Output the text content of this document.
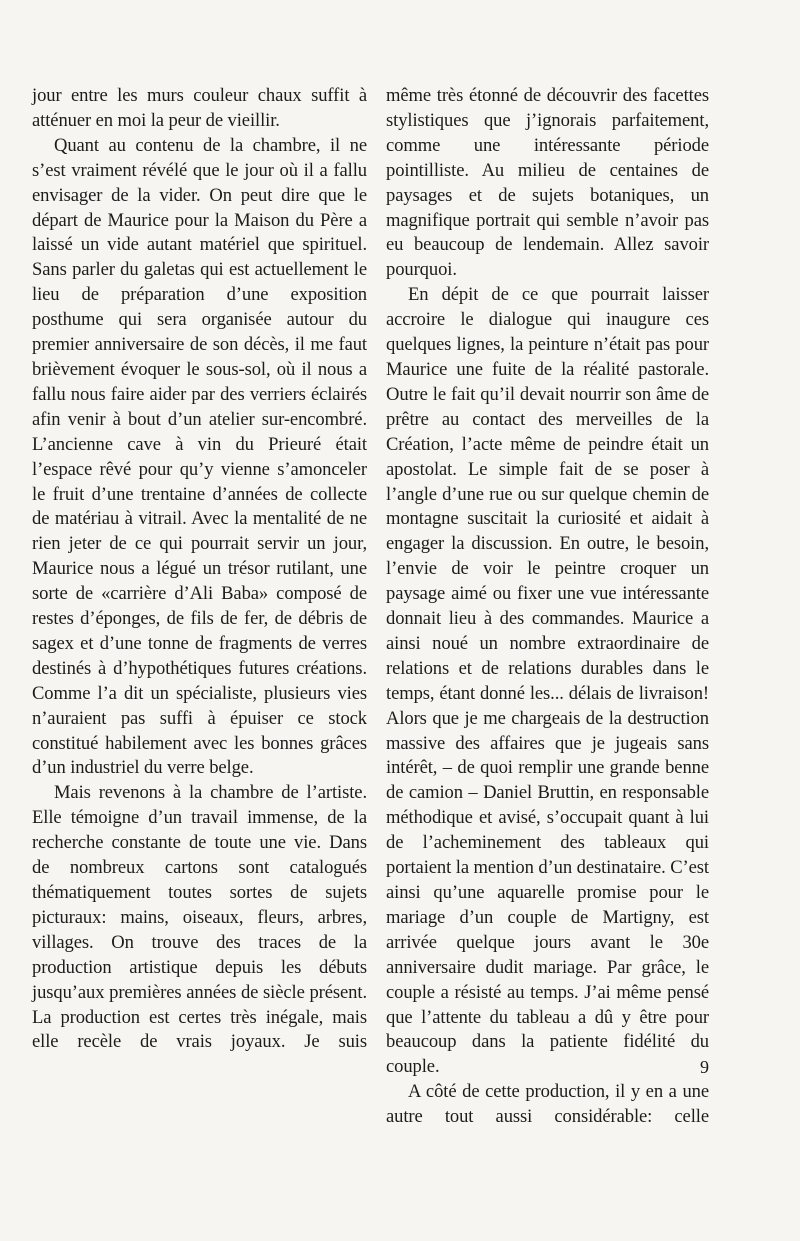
jour entre les murs couleur chaux suffit à atténuer en moi la peur de vieillir.

Quant au contenu de la chambre, il ne s’est vraiment révélé que le jour où il a fallu envisager de la vider. On peut dire que le départ de Maurice pour la Maison du Père a laissé un vide autant matériel que spirituel. Sans parler du galetas qui est actuellement le lieu de préparation d’une exposition posthume qui sera organisée autour du premier anniversaire de son décès, il me faut brièvement évoquer le sous-sol, où il nous a fallu nous faire aider par des verriers éclairés afin venir à bout d’un atelier sur-encombré. L’ancienne cave à vin du Prieuré était l’espace rêvé pour qu’y vienne s’amonceler le fruit d’une trentaine d’années de collecte de matériau à vitrail. Avec la mentalité de ne rien jeter de ce qui pourrait servir un jour, Maurice nous a légué un trésor rutilant, une sorte de «carrière d’Ali Baba» composé de restes d’éponges, de fils de fer, de débris de sagex et d’une tonne de fragments de verres destinés à d’hypothétiques futures créations. Comme l’a dit un spécialiste, plusieurs vies n’auraient pas suffi à épuiser ce stock constitué habilement avec les bonnes grâces d’un industriel du verre belge.

Mais revenons à la chambre de l’artiste. Elle témoigne d’un travail immense, de la recherche constante de toute une vie. Dans de nombreux cartons sont catalogués thématiquement toutes sortes de sujets picturaux: mains, oiseaux, fleurs, arbres, villages. On trouve des traces de la production artistique depuis les débuts jusqu’aux premières années de siècle présent. La production est certes très inégale, mais elle recèle de vrais joyaux. Je suis

même très étonné de découvrir des facettes stylistiques que j’ignorais parfaitement, comme une intéressante période pointilliste. Au milieu de centaines de paysages et de sujets botaniques, un magnifique portrait qui semble n’avoir pas eu beaucoup de lendemain. Allez savoir pourquoi.

En dépit de ce que pourrait laisser accroire le dialogue qui inaugure ces quelques lignes, la peinture n’était pas pour Maurice une fuite de la réalité pastorale. Outre le fait qu’il devait nourrir son âme de prêtre au contact des merveilles de la Création, l’acte même de peindre était un apostolat. Le simple fait de se poser à l’angle d’une rue ou sur quelque chemin de montagne suscitait la curiosité et aidait à engager la discussion. En outre, le besoin, l’envie de voir le peintre croquer un paysage aimé ou fixer une vue intéressante donnait lieu à des commandes. Maurice a ainsi noué un nombre extraordinaire de relations et de relations durables dans le temps, étant donné les... délais de livraison! Alors que je me chargeais de la destruction massive des affaires que je jugeais sans intérêt, – de quoi remplir une grande benne de camion – Daniel Bruttin, en responsable méthodique et avisé, s’occupait quant à lui de l’acheminement des tableaux qui portaient la mention d’un destinataire. C’est ainsi qu’une aquarelle promise pour le mariage d’un couple de Martigny, est arrivée quelque jours avant le 30e anniversaire dudit mariage. Par grâce, le couple a résisté au temps. J’ai même pensé que l’attente du tableau a dû y être pour beaucoup dans la patiente fidélité du couple.

A côté de cette production, il y en a une autre tout aussi considérable: celle

9
